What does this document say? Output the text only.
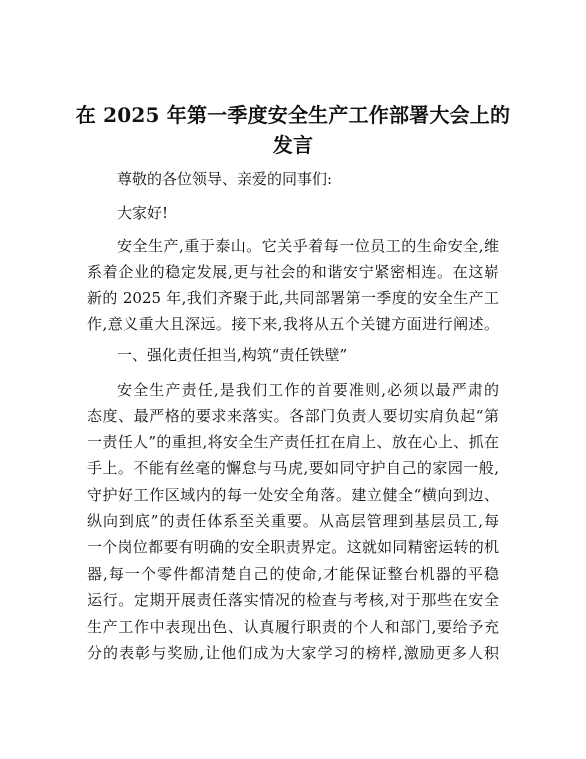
在 2025 年第一季度安全生产工作部署大会上的
发言
尊敬的各位领导、亲爱的同事们:
大家好!
安全生产,重于泰山。它关乎着每一位员工的生命安全,维
系着企业的稳定发展,更与社会的和谐安宁紧密相连。在这崭
新的 2025 年,我们齐聚于此,共同部署第一季度的安全生产工
作,意义重大且深远。接下来,我将从五个关键方面进行阐述。
一、强化责任担当,构筑“责任铁壁”
安全生产责任,是我们工作的首要准则,必须以最严肃的
态度、最严格的要求来落实。各部门负责人要切实肩负起“第
一责任人”的重担,将安全生产责任扛在肩上、放在心上、抓在
手上。不能有丝毫的懈怠与马虎,要如同守护自己的家园一般,
守护好工作区域内的每一处安全角落。建立健全“横向到边、
纵向到底”的责任体系至关重要。从高层管理到基层员工,每
一个岗位都要有明确的安全职责界定。这就如同精密运转的机
器,每一个零件都清楚自己的使命,才能保证整台机器的平稳
运行。定期开展责任落实情况的检查与考核,对于那些在安全
生产工作中表现出色、认真履行职责的个人和部门,要给予充
分的表彰与奖励,让他们成为大家学习的榜样,激励更多人积
